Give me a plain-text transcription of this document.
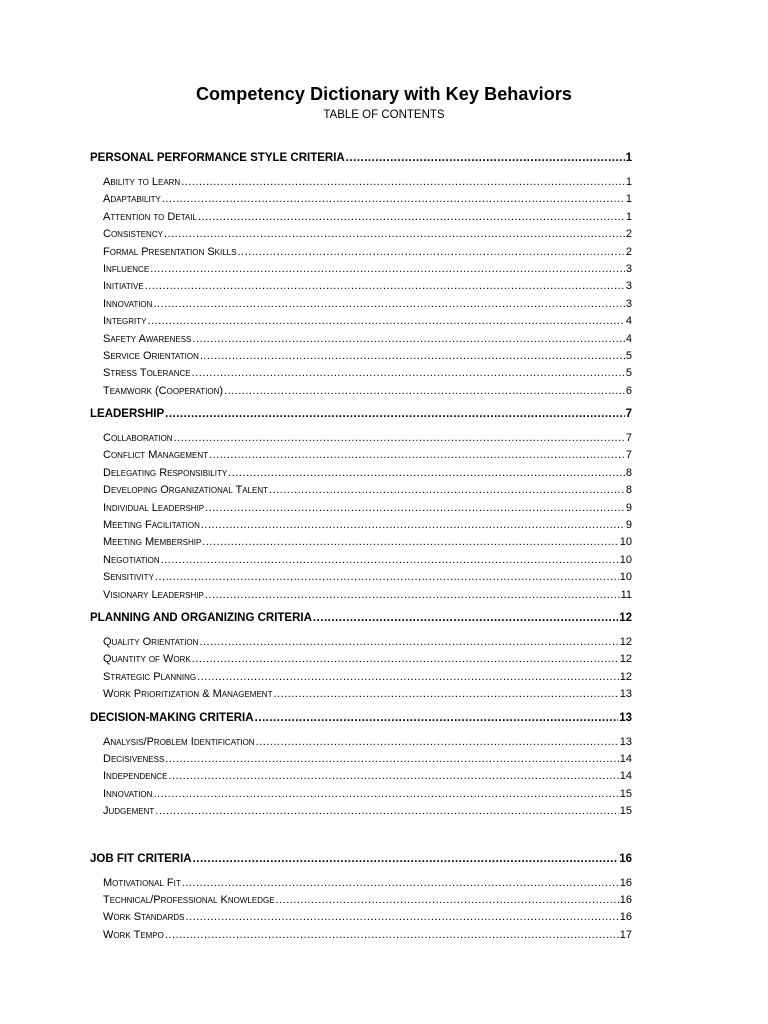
Competency Dictionary with Key Behaviors
TABLE OF CONTENTS
PERSONAL PERFORMANCE STYLE CRITERIA .....	1
Ability to Learn .....	1
Adaptability .....	1
Attention to Detail .....	1
Consistency .....	2
Formal Presentation Skills .....	2
Influence .....	3
Initiative .....	3
Innovation .....	3
Integrity .....	4
Safety Awareness .....	4
Service Orientation .....	5
Stress Tolerance .....	5
Teamwork (Cooperation) .....	6
LEADERSHIP .....	7
Collaboration .....	7
Conflict Management .....	7
Delegating Responsibility .....	8
Developing Organizational Talent .....	8
Individual Leadership .....	9
Meeting Facilitation .....	9
Meeting Membership .....	10
Negotiation .....	10
Sensitivity .....	10
Visionary Leadership .....	11
PLANNING AND ORGANIZING CRITERIA .....	12
Quality Orientation .....	12
Quantity of Work .....	12
Strategic Planning .....	12
Work Prioritization & Management .....	13
DECISION-MAKING CRITERIA .....	13
Analysis/Problem Identification .....	13
Decisiveness .....	14
Independence .....	14
Innovation .....	15
Judgement .....	15
JOB FIT CRITERIA .....	16
Motivational Fit .....	16
Technical/Professional Knowledge .....	16
Work Standards .....	16
Work Tempo .....	17
